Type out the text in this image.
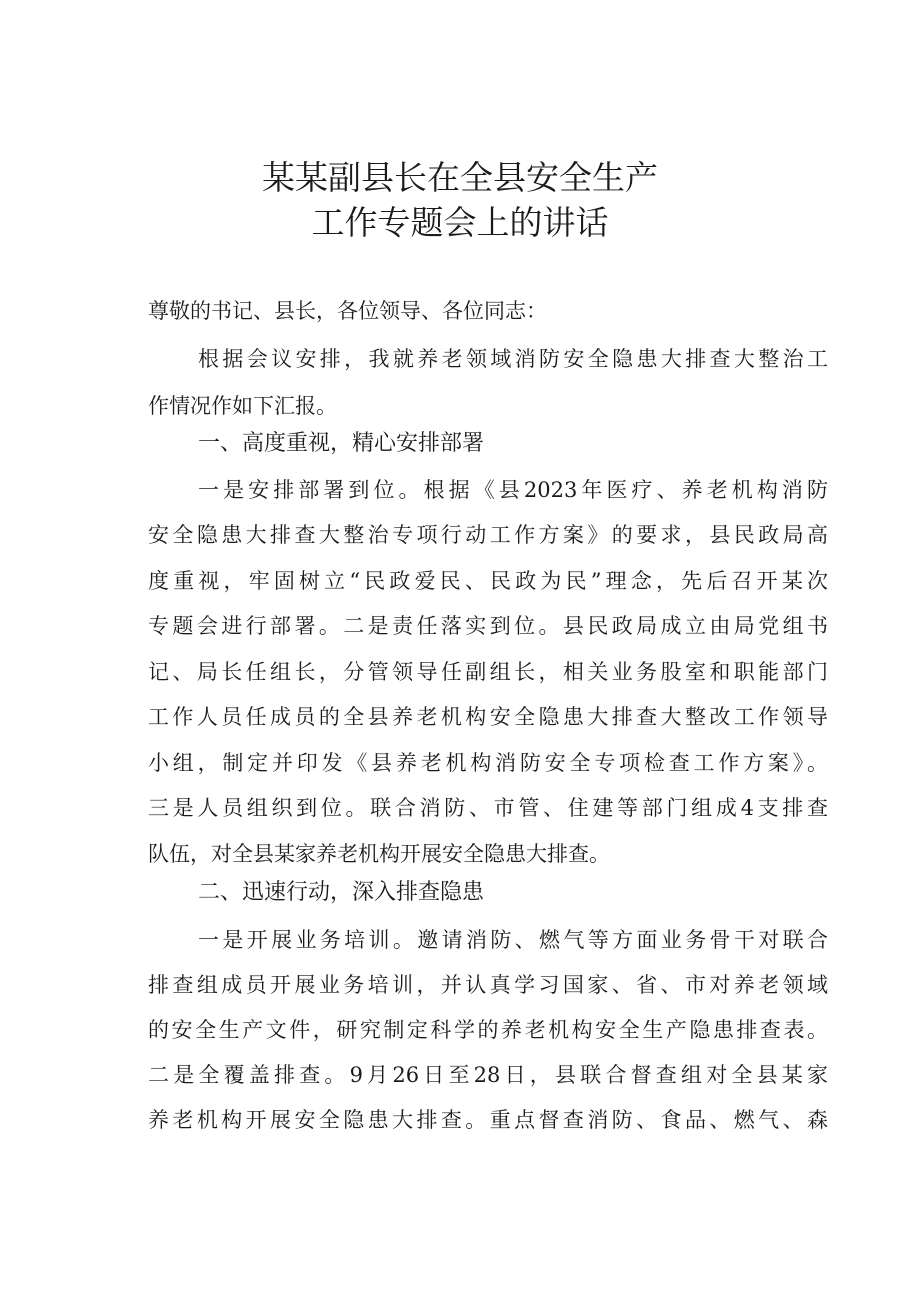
某某副县长在全县安全生产
工作专题会上的讲话
尊敬的书记、县长，各位领导、各位同志：
根据会议安排，我就养老领域消防安全隐患大排查大整治工
作情况作如下汇报。
一、高度重视，精心安排部署
一是安排部署到位。根据《县2023年医疗、养老机构消防
安全隐患大排查大整治专项行动工作方案》的要求，县民政局高
度重视，牢固树立“民政爱民、民政为民”理念，先后召开某次
专题会进行部署。二是责任落实到位。县民政局成立由局党组书
记、局长任组长，分管领导任副组长，相关业务股室和职能部门
工作人员任成员的全县养老机构安全隐患大排查大整改工作领导
小组，制定并印发《县养老机构消防安全专项检查工作方案》。
三是人员组织到位。联合消防、市管、住建等部门组成4支排查
队伍，对全县某家养老机构开展安全隐患大排查。
二、迅速行动，深入排查隐患
一是开展业务培训。邀请消防、燃气等方面业务骨干对联合
排查组成员开展业务培训，并认真学习国家、省、市对养老领域
的安全生产文件，研究制定科学的养老机构安全生产隐患排查表。
二是全覆盖排查。9月26日至28日，县联合督查组对全县某家
养老机构开展安全隐患大排查。重点督查消防、食品、燃气、森
